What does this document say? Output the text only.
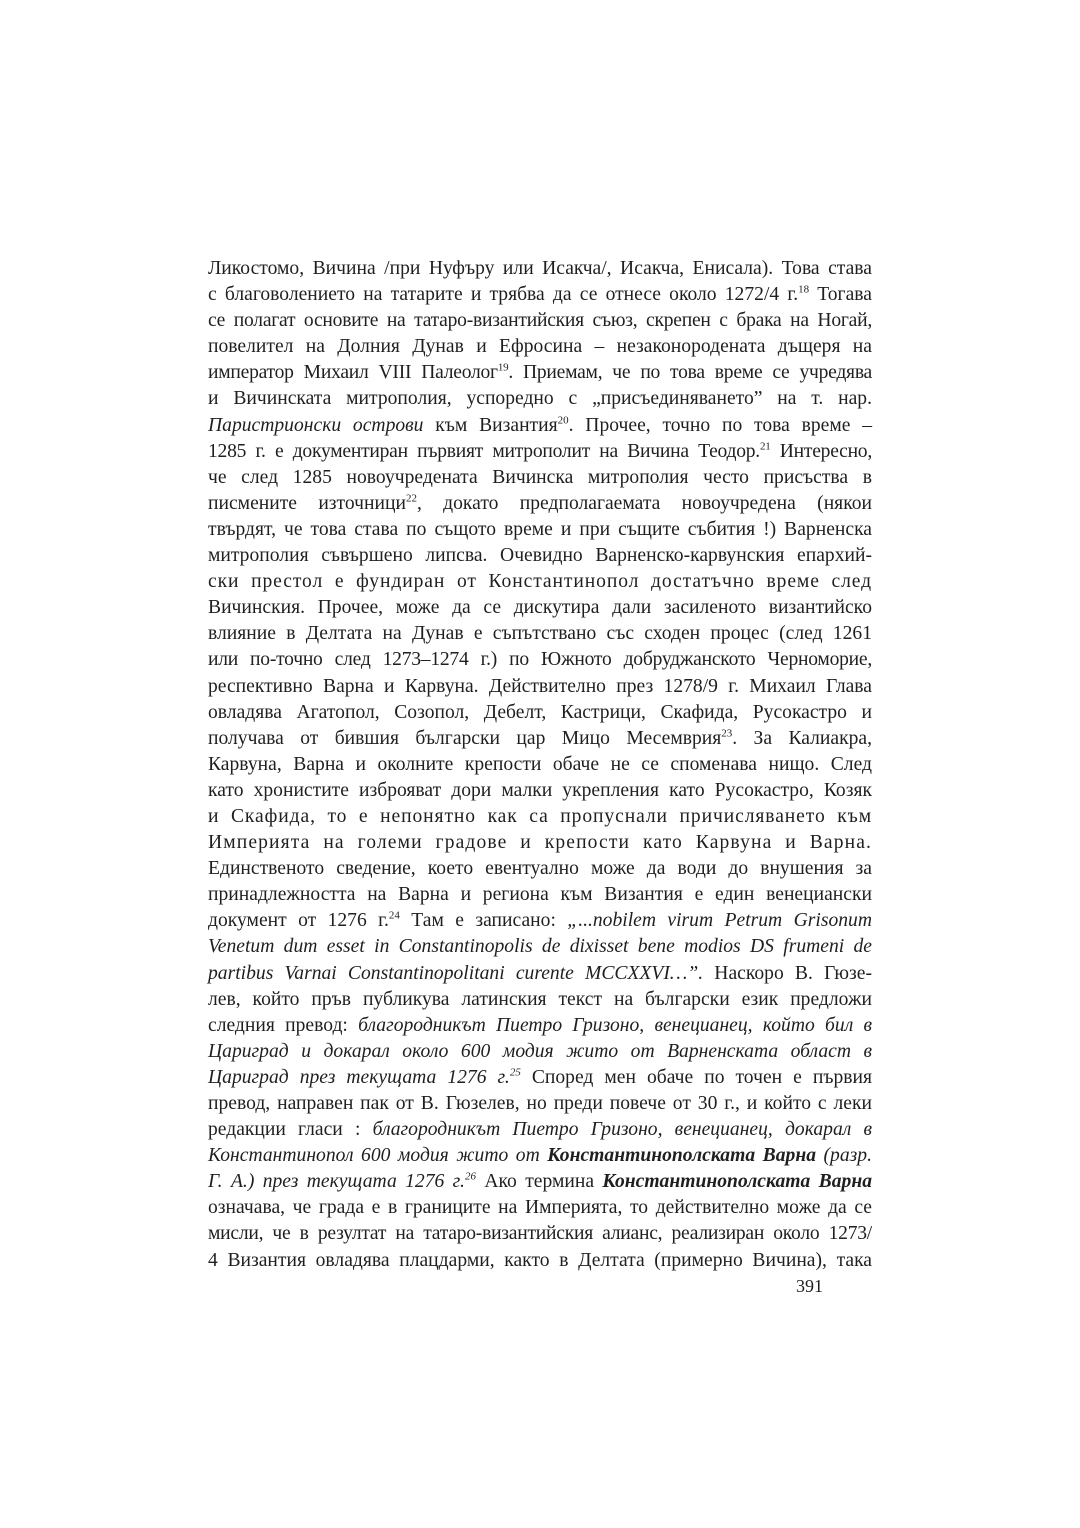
Ликостомо, Вичина /при Нуфъру или Исакча/, Исакча, Енисала). Това става
с благоволението на татарите и трябва да се отнесе около 1272/4 г.$^{18}$ Тогава
се полагат основите на татаро-византийския съюз, скрепен с брака на Ногай,
повелител на Долния Дунав и Ефросина – незаконороденaта дъщеря на
император Михаил VIII Палеолог$^{19}$. Приемам, че по това време се учредява
и Вичинската митрополия, успоредно с „присъединяването” на т. нар.
Паристрионски острови към Византия$^{20}$. Прочее, точно по това време –
1285 г. е документиран първият митрополит на Вичина Теодор.$^{21}$ Интересно,
че след 1285 новоучредената Вичинска митрополия често присъства в
писмените източници$^{22}$, докато предполагаемата новоучредена (някои
твърдят, че това става по същото време и при същите събития !) Варненска
митрополия съвършено липсва. Очевидно Варненско-карвунския епархий-
ски престол е фундиран от Константинопол достатъчно време след
Вичинския. Прочее, може да се дискутира дали засиленото византийско
влияние в Делтата на Дунав е съпътствано със сходен процес (след 1261
или по-точно след 1273–1274 г.) по Южното добруджанското Черноморие,
респективно Варна и Карвуна. Действително през 1278/9 г. Михаил Глава
овладява Агатопол, Созопол, Дебелт, Кастрици, Скафида, Русокастро и
получава от бившия български цар Мицо Месемврия$^{23}$. За Калиакра,
Карвуна, Варна и околните крепости обаче не се споменава нищо. След
като хронистите изброяват дори малки укрепления като Русокастро, Козяк
и Скафида, то е непонятно как са пропуснали причисляването към
Империята на големи градове и крепости като Карвуна и Варна.
Единственото сведение, което евентуално може да води до внушения за
принадлежността на Варна и региона към Византия е един венециански
документ от 1276 г.$^{24}$ Там е записано: „...nobilem virum Petrum Grisonum
Venetum dum esset in Constantinopolis de dixisset bene modios DS frumeni de
partibus Varnai Constantinopolitani curente MCCXXVI…”. Наскоро В. Гюзе-
лев, който пръв публикува латинския текст на български език предложи
следния превод: благородникът Пиетро Гризоно, венецианец, който бил в
Цариград и докарал около 600 модия жито от Варненската област в
Цариград през текущата 1276 г.$^{25}$ Според мен обаче по точен е първия
превод, направен пак от В. Гюзелев, но преди повече от 30 г., и който с леки
редакции гласи : благородникът Пиетро Гризоно, венецианец, докарал в
Константинопол 600 модия жито от Константинополската Варна (разр.
Г. А.) през текущата 1276 г.$^{26}$ Ако термина Константинополската Варна
означава, че града е в границите на Империята, то действително може да се
мисли, че в резултат на татаро-византийския алианс, реализиран около 1273/
4 Византия овладява плацдарми, както в Делтата (примерно Вичина), така
391
